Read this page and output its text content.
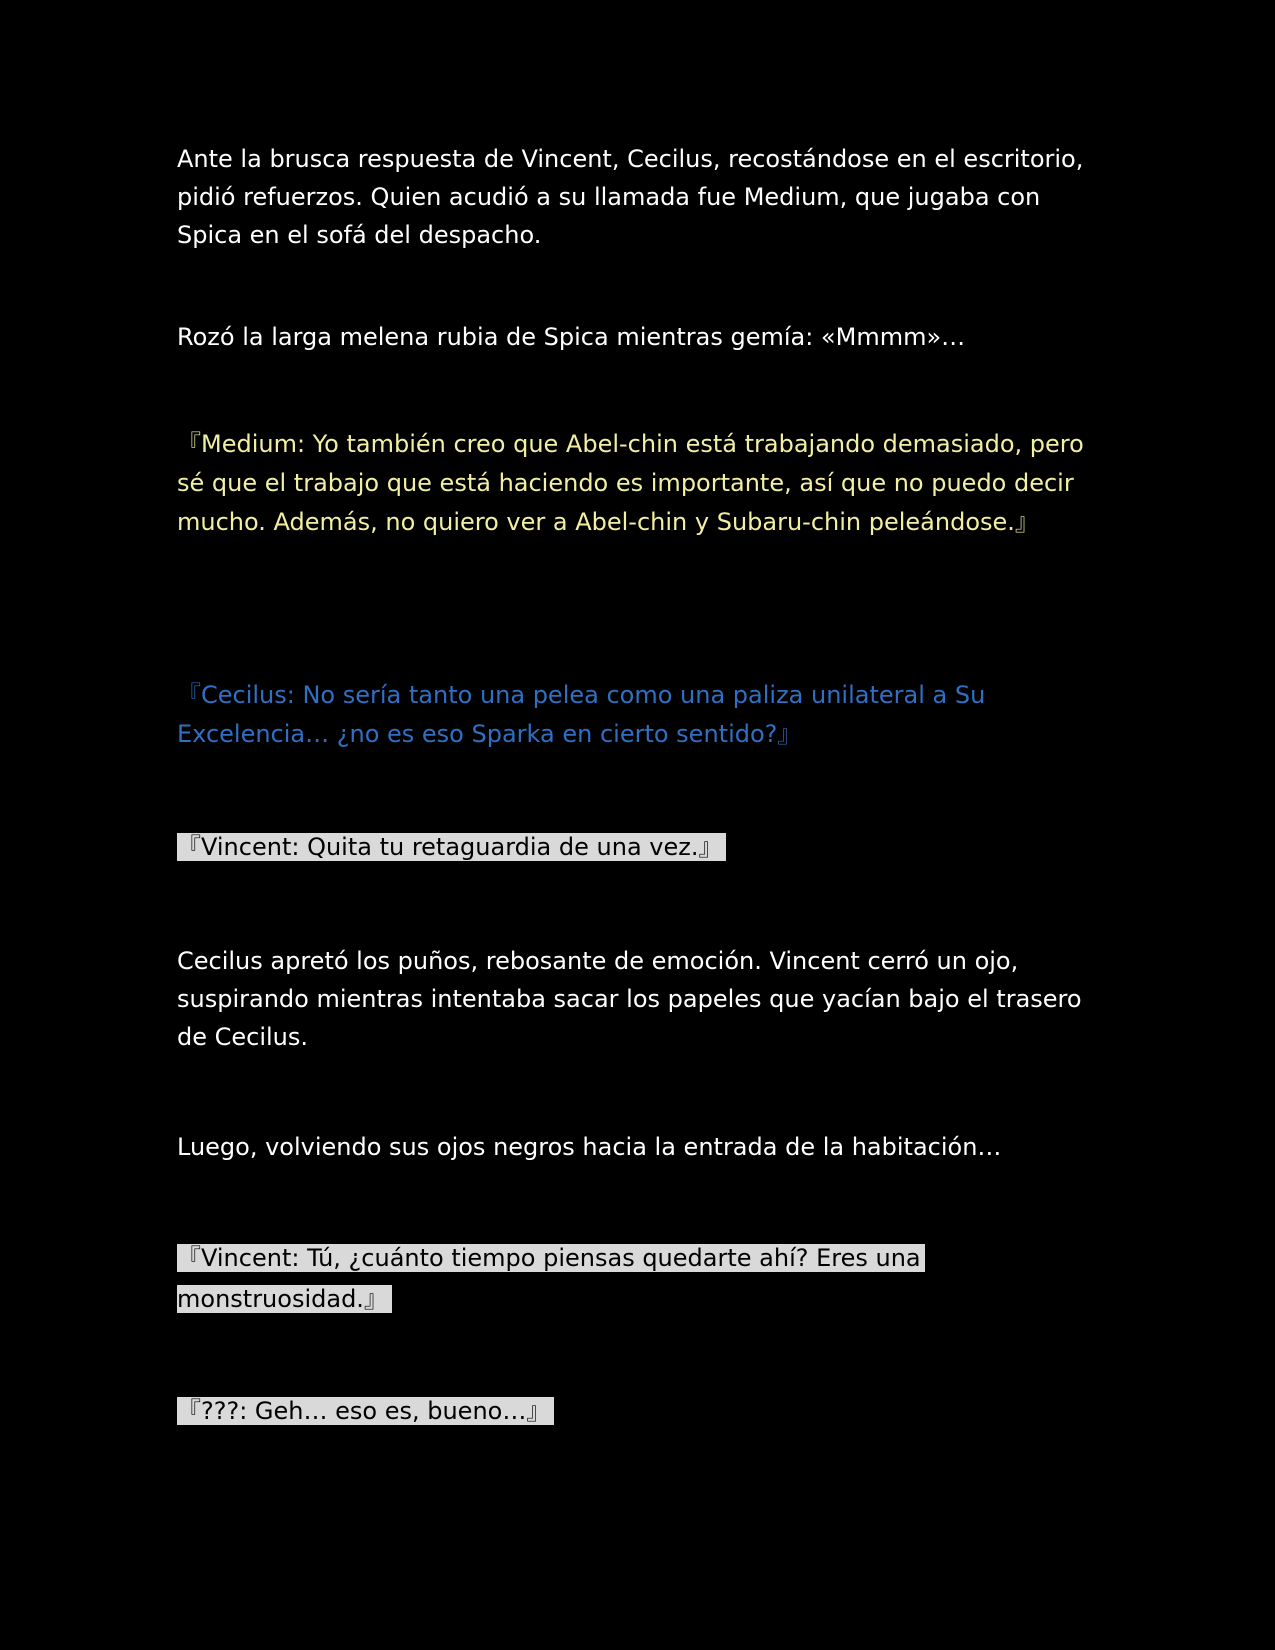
Ante la brusca respuesta de Vincent, Cecilus, recostándose en el escritorio, pidió refuerzos. Quien acudió a su llamada fue Medium, que jugaba con Spica en el sofá del despacho.

Rozó la larga melena rubia de Spica mientras gemía: «Mmmm»…

『Medium: Yo también creo que Abel-chin está trabajando demasiado, pero sé que el trabajo que está haciendo es importante, así que no puedo decir mucho. Además, no quiero ver a Abel-chin y Subaru-chin peleándose.』

『Cecilus: No sería tanto una pelea como una paliza unilateral a Su Excelencia… ¿no es eso Sparka en cierto sentido?』

『Vincent: Quita tu retaguardia de una vez.』

Cecilus apretó los puños, rebosante de emoción. Vincent cerró un ojo, suspirando mientras intentaba sacar los papeles que yacían bajo el trasero de Cecilus.

Luego, volviendo sus ojos negros hacia la entrada de la habitación…

『Vincent: Tú, ¿cuánto tiempo piensas quedarte ahí? Eres una monstruosidad.』

『???: Geh… eso es, bueno…』
